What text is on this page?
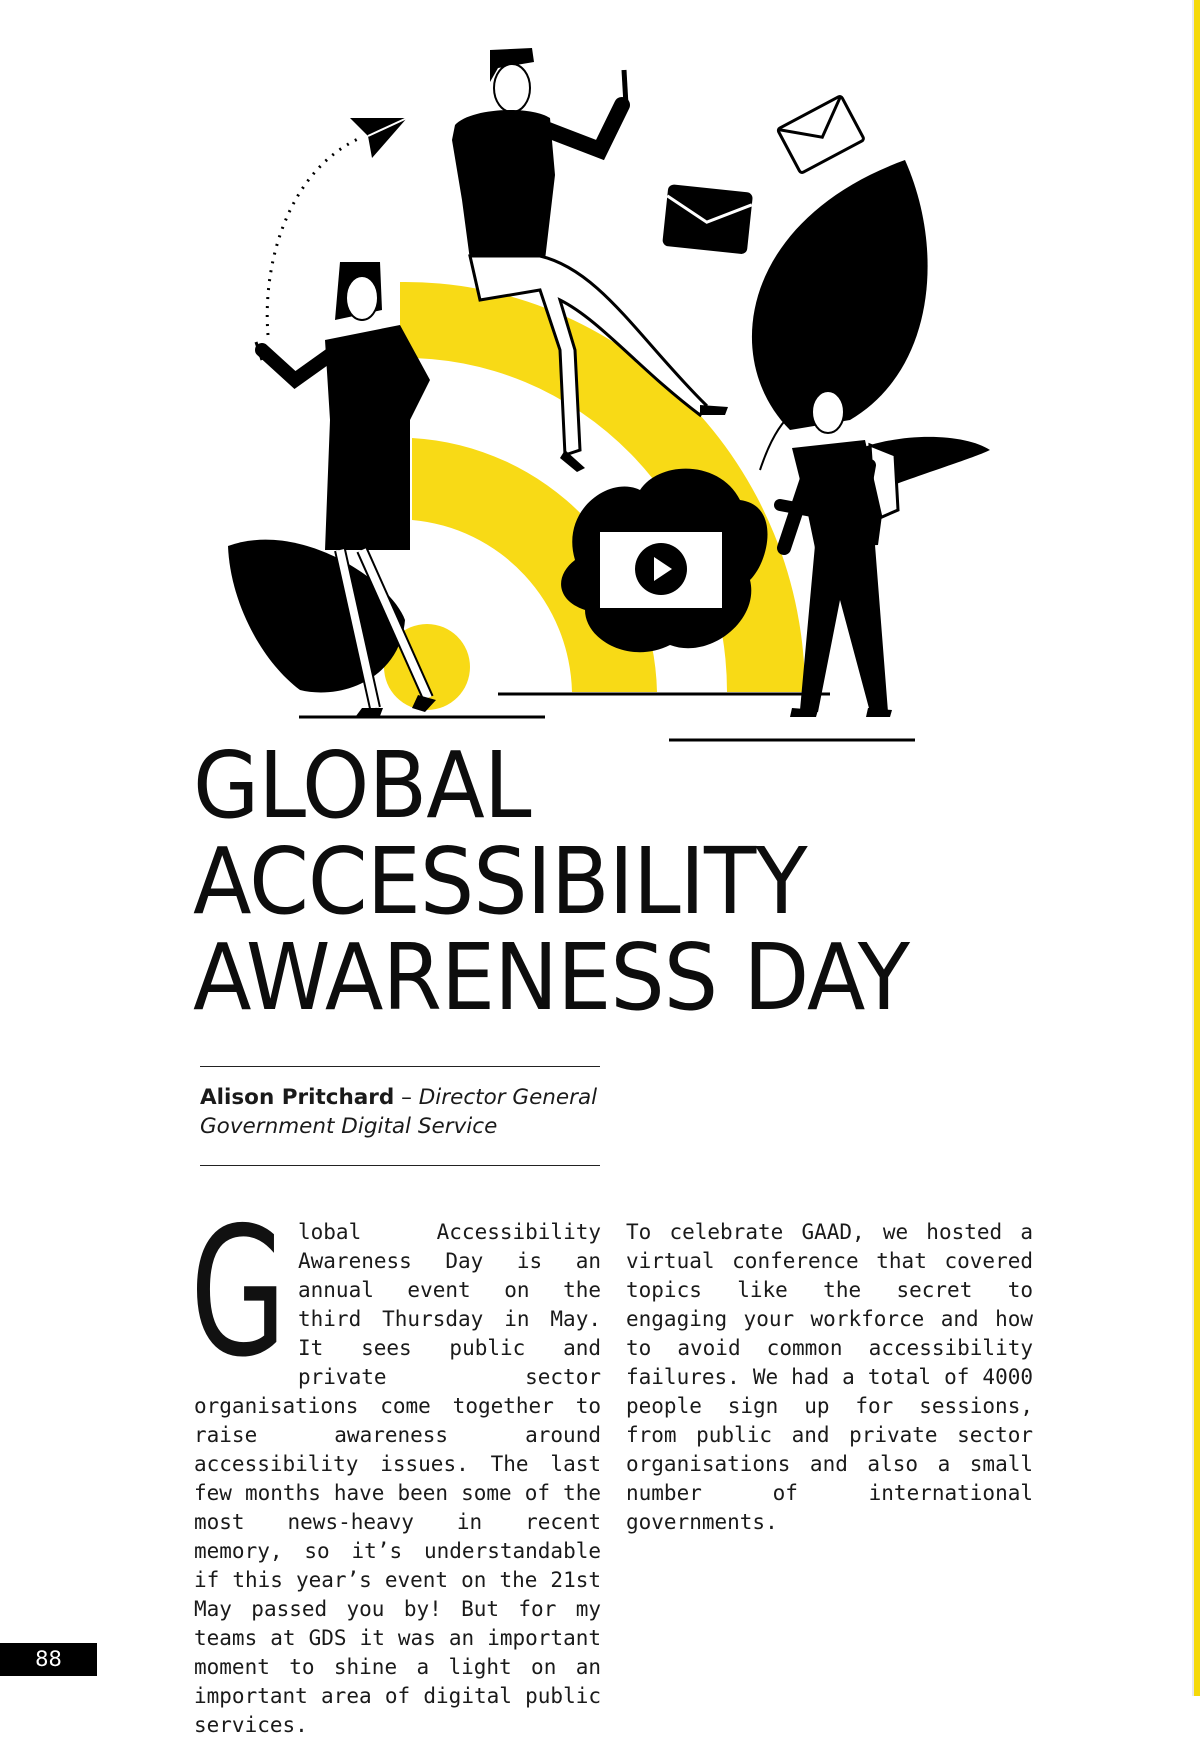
GLOBAL
ACCESSIBILITY
AWARENESS DAY

Alison Pritchard – Director General
Government Digital Service

Global Accessibility Awareness Day is an annual event on the third Thursday in May. It sees public and private sector organisations come together to raise awareness around accessibility issues. The last few months have been some of the most news-heavy in recent memory, so it’s understandable if this year’s event on the 21st May passed you by! But for my teams at GDS it was an important moment to shine a light on an important area of digital public services.

To celebrate GAAD, we hosted a virtual conference that covered topics like the secret to engaging your workforce and how to avoid common accessibility failures. We had a total of 4000 people sign up for sessions, from public and private sector organisations and also a small number of international governments.

88
